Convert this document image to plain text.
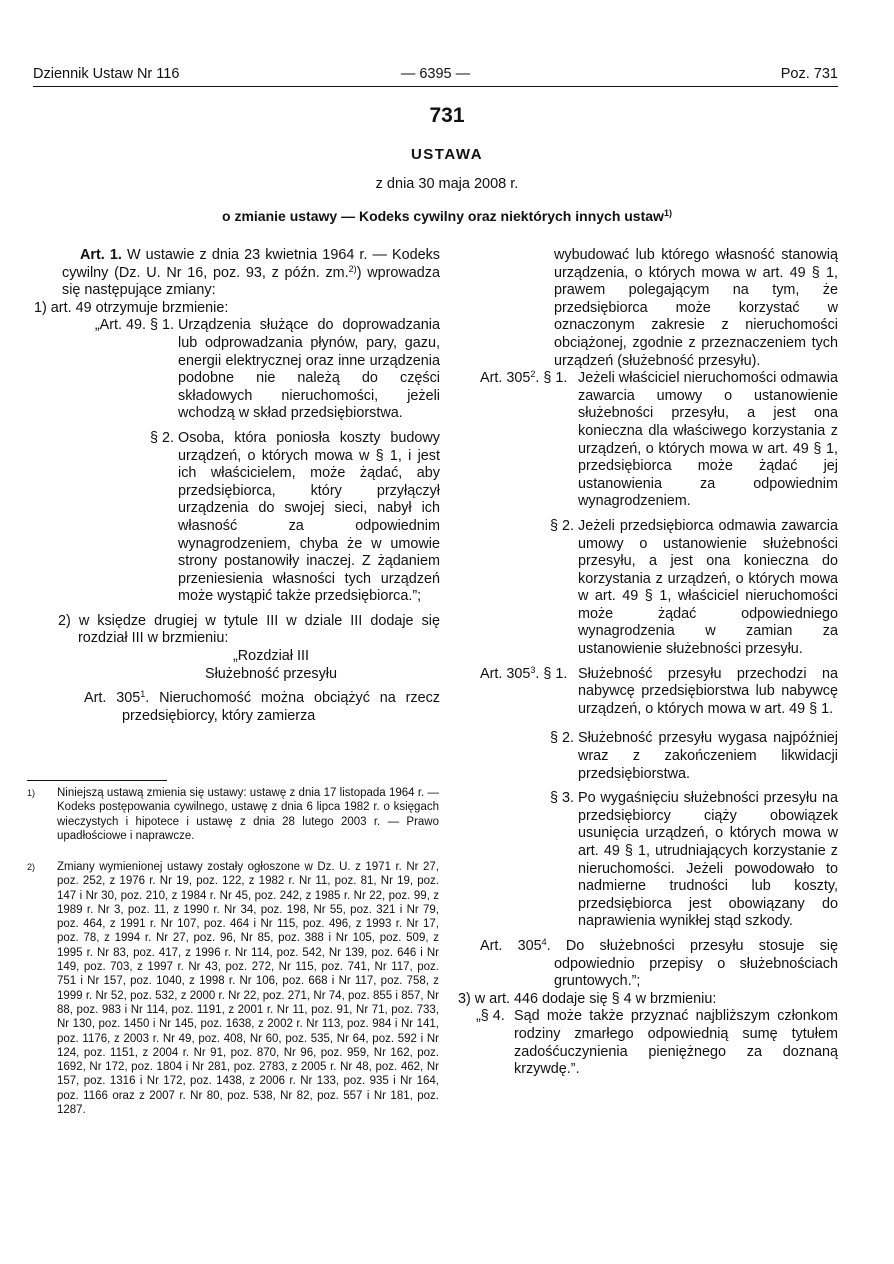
Dziennik Ustaw Nr 116	— 6395 —	Poz. 731
731
USTAWA
z dnia 30 maja 2008 r.
o zmianie ustawy — Kodeks cywilny oraz niektórych innych ustaw$^{1)}$

Art. 1. W ustawie z dnia 23 kwietnia 1964 r. — Kodeks cywilny (Dz. U. Nr 16, poz. 93, z późn. zm.$^{2)}$) wprowadza się następujące zmiany:

1) art. 49 otrzymuje brzmienie:

„Art. 49. § 1. Urządzenia służące do doprowadzania lub odprowadzania płynów, pary, gazu, energii elektrycznej oraz inne urządzenia podobne nie należą do części składowych nieruchomości, jeżeli wchodzą w skład przedsiębiorstwa.
§ 2. Osoba, która poniosła koszty budowy urządzeń, o których mowa w § 1, i jest ich właścicielem, może żądać, aby przedsiębiorca, który przyłączył urządzenia do swojej sieci, nabył ich własność za odpowiednim wynagrodzeniem, chyba że w umowie strony postanowiły inaczej. Z żądaniem przeniesienia własności tych urządzeń może wystąpić także przedsiębiorca.”;

2) w księdze drugiej w tytule III w dziale III dodaje się rozdział III w brzmieniu:

„Rozdział III

Służebność przesyłu

Art. $305^1$. Nieruchomość można obciążyć na rzecz przedsiębiorcy, który zamierza

1) Niniejszą ustawą zmienia się ustawy: ustawę z dnia 17 listopada 1964 r. — Kodeks postępowania cywilnego, ustawę z dnia 6 lipca 1982 r. o księgach wieczystych i hipotece i ustawę z dnia 28 lutego 2003 r. — Prawo upadłościowe i naprawcze.
2) Zmiany wymienionej ustawy zostały ogłoszone w Dz. U. z 1971 r. Nr 27, poz. 252, z 1976 r. Nr 19, poz. 122, z 1982 r. Nr 11, poz. 81, Nr 19, poz. 147 i Nr 30, poz. 210, z 1984 r. Nr 45, poz. 242, z 1985 r. Nr 22, poz. 99, z 1989 r. Nr 3, poz. 11, z 1990 r. Nr 34, poz. 198, Nr 55, poz. 321 i Nr 79, poz. 464, z 1991 r. Nr 107, poz. 464 i Nr 115, poz. 496, z 1993 r. Nr 17, poz. 78, z 1994 r. Nr 27, poz. 96, Nr 85, poz. 388 i Nr 105, poz. 509, z 1995 r. Nr 83, poz. 417, z 1996 r. Nr 114, poz. 542, Nr 139, poz. 646 i Nr 149, poz. 703, z 1997 r. Nr 43, poz. 272, Nr 115, poz. 741, Nr 117, poz. 751 i Nr 157, poz. 1040, z 1998 r. Nr 106, poz. 668 i Nr 117, poz. 758, z 1999 r. Nr 52, poz. 532, z 2000 r. Nr 22, poz. 271, Nr 74, poz. 855 i 857, Nr 88, poz. 983 i Nr 114, poz. 1191, z 2001 r. Nr 11, poz. 91, Nr 71, poz. 733, Nr 130, poz. 1450 i Nr 145, poz. 1638, z 2002 r. Nr 113, poz. 984 i Nr 141, poz. 1176, z 2003 r. Nr 49, poz. 408, Nr 60, poz. 535, Nr 64, poz. 592 i Nr 124, poz. 1151, z 2004 r. Nr 91, poz. 870, Nr 96, poz. 959, Nr 162, poz. 1692, Nr 172, poz. 1804 i Nr 281, poz. 2783, z 2005 r. Nr 48, poz. 462, Nr 157, poz. 1316 i Nr 172, poz. 1438, z 2006 r. Nr 133, poz. 935 i Nr 164, poz. 1166 oraz z 2007 r. Nr 80, poz. 538, Nr 82, poz. 557 i Nr 181, poz. 1287.

wybudować lub którego własność stanowią urządzenia, o których mowa w art. 49 § 1, prawem polegającym na tym, że przedsiębiorca może korzystać w oznaczonym zakresie z nieruchomości obciążonej, zgodnie z przeznaczeniem tych urządzeń (służebność przesyłu).

Art. $305^2$. § 1. Jeżeli właściciel nieruchomości odmawia zawarcia umowy o ustanowienie służebności przesyłu, a jest ona konieczna dla właściwego korzystania z urządzeń, o których mowa w art. 49 § 1, przedsiębiorca może żądać jej ustanowienia za odpowiednim wynagrodzeniem.
§ 2. Jeżeli przedsiębiorca odmawia zawarcia umowy o ustanowienie służebności przesyłu, a jest ona konieczna do korzystania z urządzeń, o których mowa w art. 49 § 1, właściciel nieruchomości może żądać odpowiedniego wynagrodzenia w zamian za ustanowienie służebności przesyłu.
Art. $305^3$. § 1. Służebność przesyłu przechodzi na nabywcę przedsiębiorstwa lub nabywcę urządzeń, o których mowa w art. 49 § 1.
§ 2. Służebność przesyłu wygasa najpóźniej wraz z zakończeniem likwidacji przedsiębiorstwa.
§ 3. Po wygaśnięciu służebności przesyłu na przedsiębiorcy ciąży obowiązek usunięcia urządzeń, o których mowa w art. 49 § 1, utrudniających korzystanie z nieruchomości. Jeżeli powodowało to nadmierne trudności lub koszty, przedsiębiorca jest obowiązany do naprawienia wynikłej stąd szkody.

Art. $305^4$. Do służebności przesyłu stosuje się odpowiednio przepisy o służebnościach gruntowych.”;

3) w art. 446 dodaje się § 4 w brzmieniu:

„§ 4. Sąd może także przyznać najbliższym członkom rodziny zmarłego odpowiednią sumę tytułem zadośćuczynienia pieniężnego za doznaną krzywdę.”.
